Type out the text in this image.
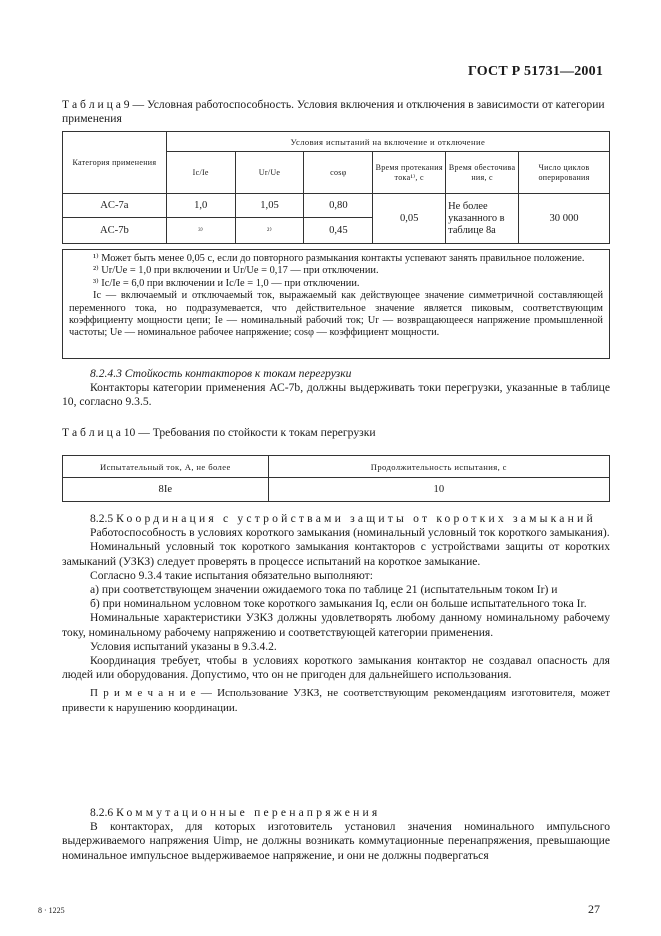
ГОСТ Р 51731—2001
Т а б л и ц а 9 — Условная работоспособность. Условия включения и отключения в зависимости от категории применения
Категория применения	Условия испытаний на включение и отключение					
	Ic/Ie	Ur/Ue	cosφ	Время протекания тока¹⁾, с	Время обесточива ния, с	Число циклов оперирования
AC-7a	1,0	1,05	0,80	0,05	Не более указанного в таблице 8а	30 000
AC-7b	³⁾	²⁾	0,45			

¹⁾ Может быть менее 0,05 с, если до повторного размыкания контакты успевают занять правильное положение.

²⁾ Ur/Ue = 1,0 при включении и Ur/Ue = 0,17 — при отключении.

³⁾ Ic/Ie = 6,0 при включении и Ic/Ie = 1,0 — при отключении.

Ic — включаемый и отключаемый ток, выражаемый как действующее значение симметричной составляющей переменного тока, но подразумевается, что действительное значение является пиковым, соответствующим коэффициенту мощности цепи; Ie — номинальный рабочий ток; Ur — возвращающееся напряжение промышленной частоты; Ue — номинальное рабочее напряжение; cosφ — коэффициент мощности.

8.2.4.3 Стойкость контакторов к токам перегрузки

Контакторы категории применения АС-7b, должны выдерживать токи перегрузки, указанные в таблице 10, согласно 9.3.5.

Т а б л и ц а 10 — Требования по стойкости к токам перегрузки
Испытательный ток, А, не более	Продолжительность испытания, с
8Ie	10

8.2.5 Координация с устройствами защиты от коротких замыканий

Работоспособность в условиях короткого замыкания (номинальный условный ток короткого замыкания).

Номинальный условный ток короткого замыкания контакторов с устройствами защиты от коротких замыканий (УЗКЗ) следует проверять в процессе испытаний на короткое замыкание.

Согласно 9.3.4 такие испытания обязательно выполняют:

а) при соответствующем значении ожидаемого тока по таблице 21 (испытательным током Ir) и

б) при номинальном условном токе короткого замыкания Iq, если он больше испытательного тока Ir.

Номинальные характеристики УЗКЗ должны удовлетворять любому данному номинальному рабочему току, номинальному рабочему напряжению и соответствующей категории применения.

Условия испытаний указаны в 9.3.4.2.

Координация требует, чтобы в условиях короткого замыкания контактор не создавал опасность для людей или оборудования. Допустимо, что он не пригоден для дальнейшего использования.

П р и м е ч а н и е — Использование УЗКЗ, не соответствующим рекомендациям изготовителя, может привести к нарушению координации.

8.2.6 Коммутационные перенапряжения

В контакторах, для которых изготовитель установил значения номинального импульсного выдерживаемого напряжения Uimp, не должны возникать коммутационные перенапряжения, превышающие номинальное импульсное выдерживаемое напряжение, и они не должны подвергаться

8 · 1225	27
